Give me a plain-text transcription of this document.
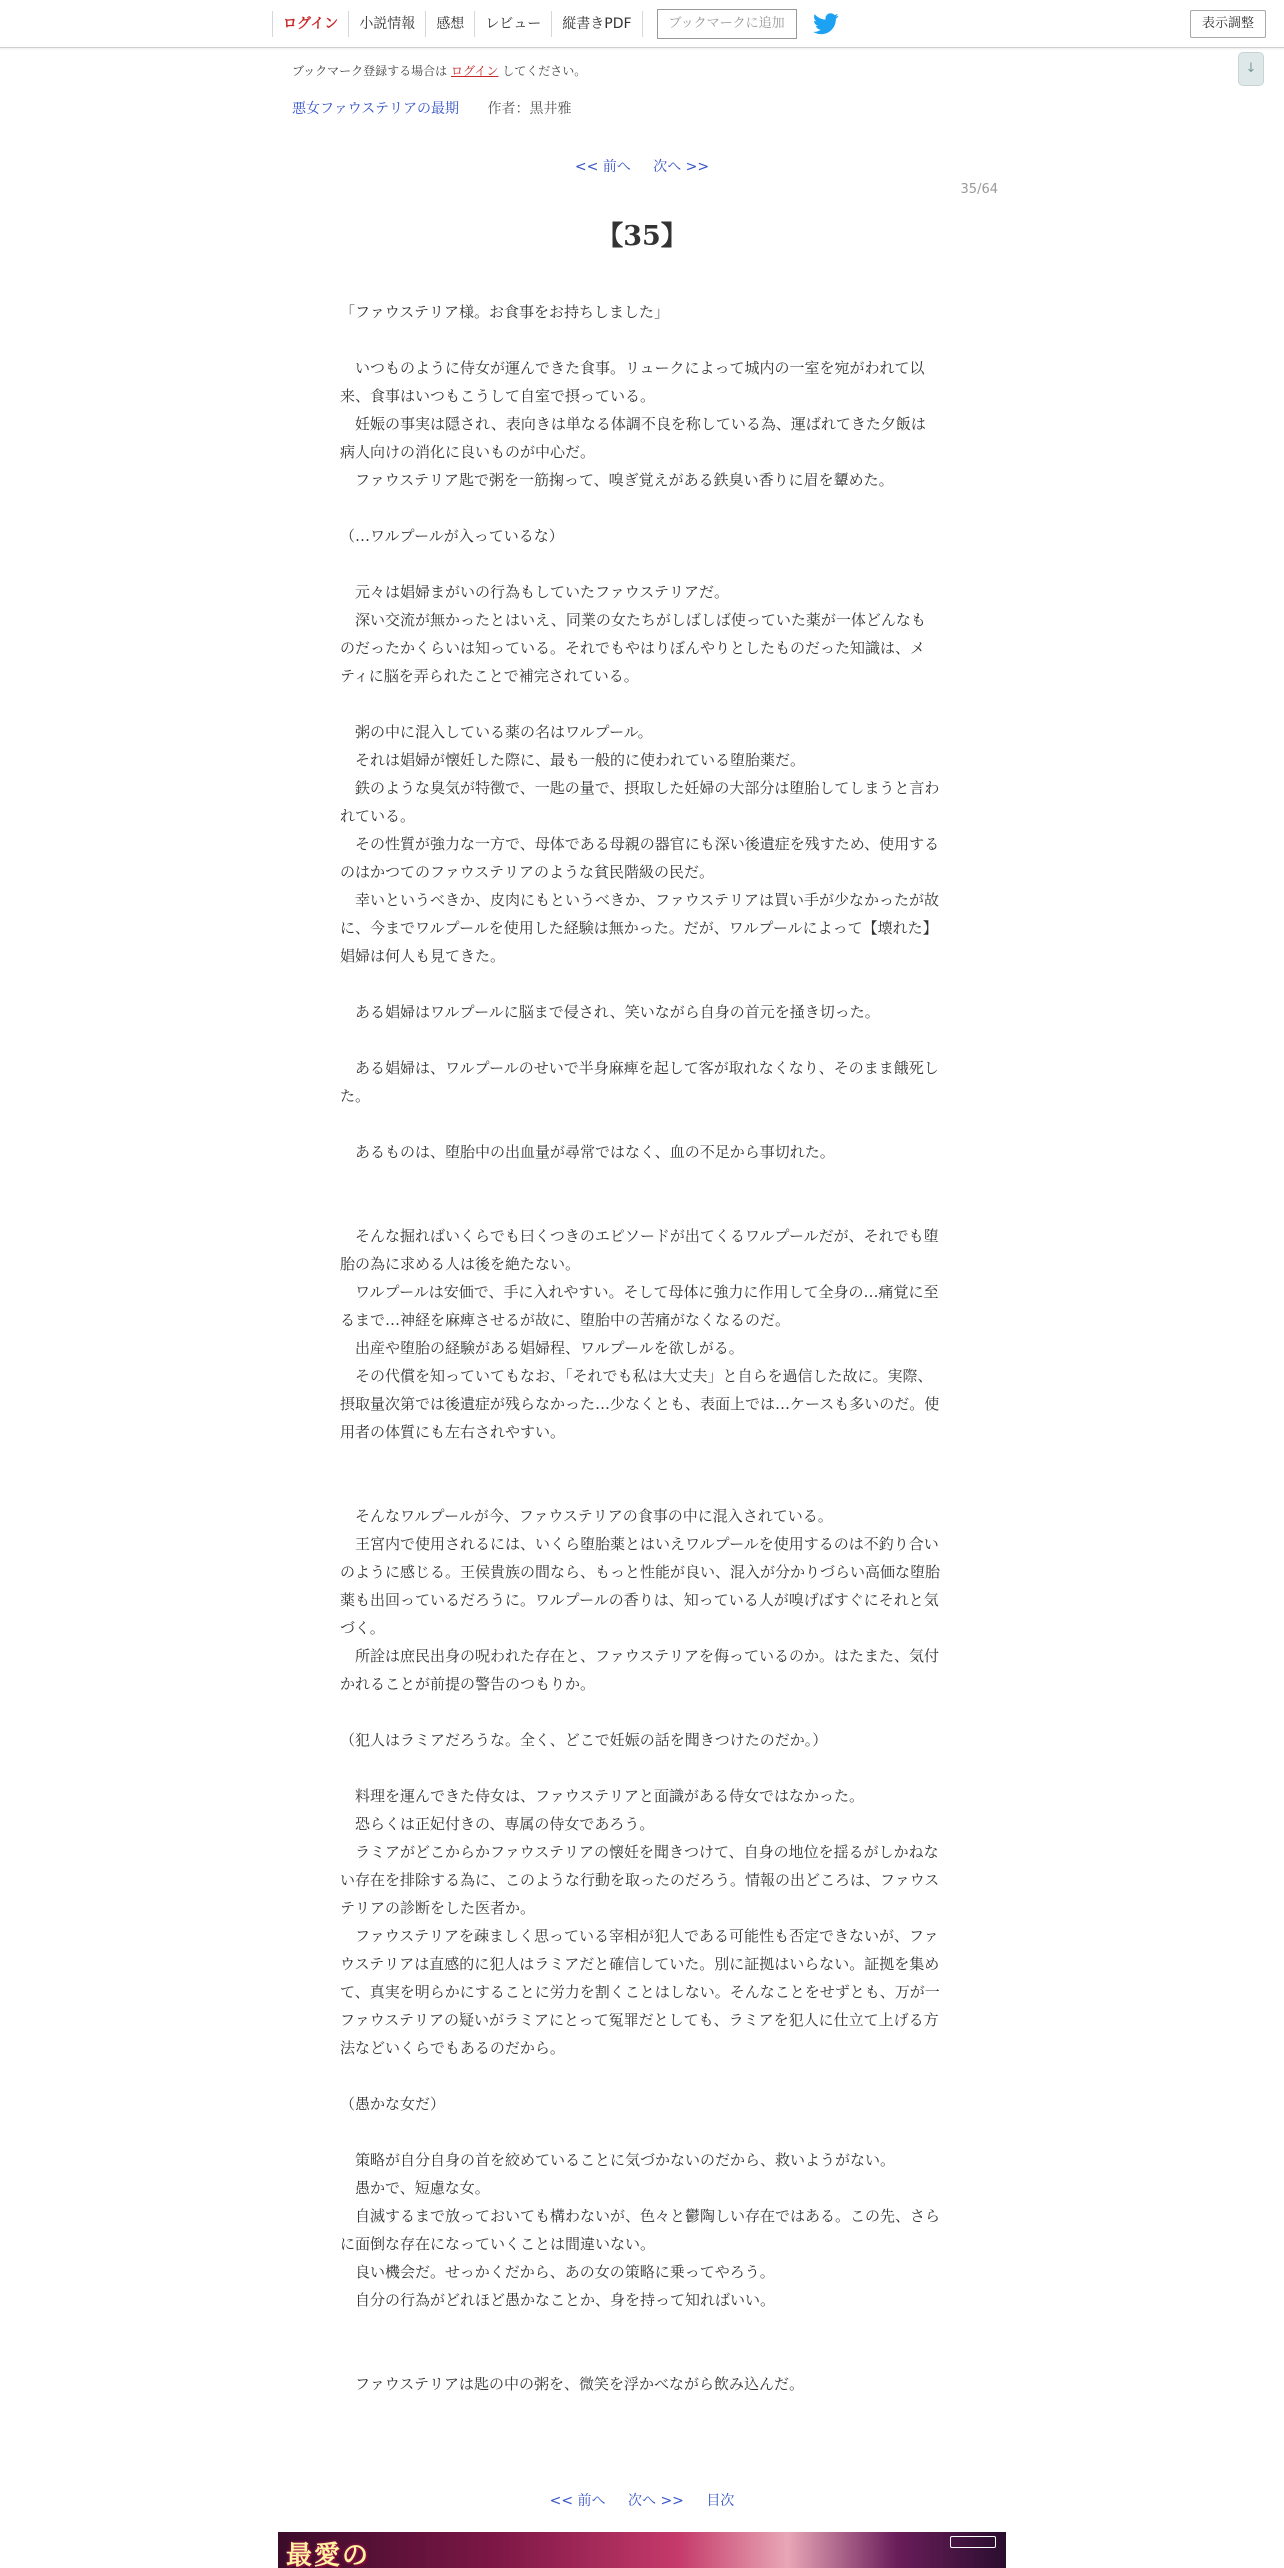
ログイン	小説情報	感想	レビュー	縦書きPDF	ブックマークに追加	表示調整
↓
ブックマーク登録する場合は ログイン してください。
悪女ファウステリアの最期 作者：黒井雅
<< 前へ 次へ >>
35/64
【35】

「ファウステリア様。お食事をお持ちしました」

　いつものように侍女が運んできた食事。リュークによって城内の一室を宛がわれて以来、食事はいつもこうして自室で摂っている。

　妊娠の事実は隠され、表向きは単なる体調不良を称している為、運ばれてきた夕飯は病人向けの消化に良いものが中心だ。

　ファウステリア匙で粥を一筋掬って、嗅ぎ覚えがある鉄臭い香りに眉を顰めた。

（…ワルプールが入っているな）

　元々は娼婦まがいの行為もしていたファウステリアだ。

　深い交流が無かったとはいえ、同業の女たちがしばしば使っていた薬が一体どんなものだったかくらいは知っている。それでもやはりぼんやりとしたものだった知識は、メティに脳を弄られたことで補完されている。

　粥の中に混入している薬の名はワルプール。

　それは娼婦が懐妊した際に、最も一般的に使われている堕胎薬だ。

　鉄のような臭気が特徴で、一匙の量で、摂取した妊婦の大部分は堕胎してしまうと言われている。

　その性質が強力な一方で、母体である母親の器官にも深い後遺症を残すため、使用するのはかつてのファウステリアのような貧民階級の民だ。

　幸いというべきか、皮肉にもというべきか、ファウステリアは買い手が少なかったが故に、今までワルプールを使用した経験は無かった。だが、ワルプールによって【壊れた】娼婦は何人も見てきた。

　ある娼婦はワルプールに脳まで侵され、笑いながら自身の首元を掻き切った。

　ある娼婦は、ワルプールのせいで半身麻痺を起して客が取れなくなり、そのまま餓死した。

　あるものは、堕胎中の出血量が尋常ではなく、血の不足から事切れた。

　そんな掘ればいくらでも曰くつきのエピソードが出てくるワルプールだが、それでも堕胎の為に求める人は後を絶たない。

　ワルプールは安価で、手に入れやすい。そして母体に強力に作用して全身の…痛覚に至るまで…神経を麻痺させるが故に、堕胎中の苦痛がなくなるのだ。

　出産や堕胎の経験がある娼婦程、ワルプールを欲しがる。

　その代償を知っていてもなお、「それでも私は大丈夫」と自らを過信した故に。実際、摂取量次第では後遺症が残らなかった…少なくとも、表面上では…ケースも多いのだ。使用者の体質にも左右されやすい。

　そんなワルプールが今、ファウステリアの食事の中に混入されている。

　王宮内で使用されるには、いくら堕胎薬とはいえワルプールを使用するのは不釣り合いのように感じる。王侯貴族の間なら、もっと性能が良い、混入が分かりづらい高価な堕胎薬も出回っているだろうに。ワルプールの香りは、知っている人が嗅げばすぐにそれと気づく。

　所詮は庶民出身の呪われた存在と、ファウステリアを侮っているのか。はたまた、気付かれることが前提の警告のつもりか。

（犯人はラミアだろうな。全く、どこで妊娠の話を聞きつけたのだか。）

　料理を運んできた侍女は、ファウステリアと面識がある侍女ではなかった。

　恐らくは正妃付きの、専属の侍女であろう。

　ラミアがどこからかファウステリアの懐妊を聞きつけて、自身の地位を揺るがしかねない存在を排除する為に、このような行動を取ったのだろう。情報の出どころは、ファウステリアの診断をした医者か。

　ファウステリアを疎ましく思っている宰相が犯人である可能性も否定できないが、ファウステリアは直感的に犯人はラミアだと確信していた。別に証拠はいらない。証拠を集めて、真実を明らかにすることに労力を割くことはしない。そんなことをせずとも、万が一ファウステリアの疑いがラミアにとって冤罪だとしても、ラミアを犯人に仕立て上げる方法などいくらでもあるのだから。

（愚かな女だ）

　策略が自分自身の首を絞めていることに気づかないのだから、救いようがない。

　愚かで、短慮な女。

　自滅するまで放っておいても構わないが、色々と鬱陶しい存在ではある。この先、さらに面倒な存在になっていくことは間違いない。

　良い機会だ。せっかくだから、あの女の策略に乗ってやろう。

　自分の行為がどれほど愚かなことか、身を持って知ればいい。

　ファウステリアは匙の中の粥を、微笑を浮かべながら飲み込んだ。

<< 前へ 次へ >> 目次
最愛の
